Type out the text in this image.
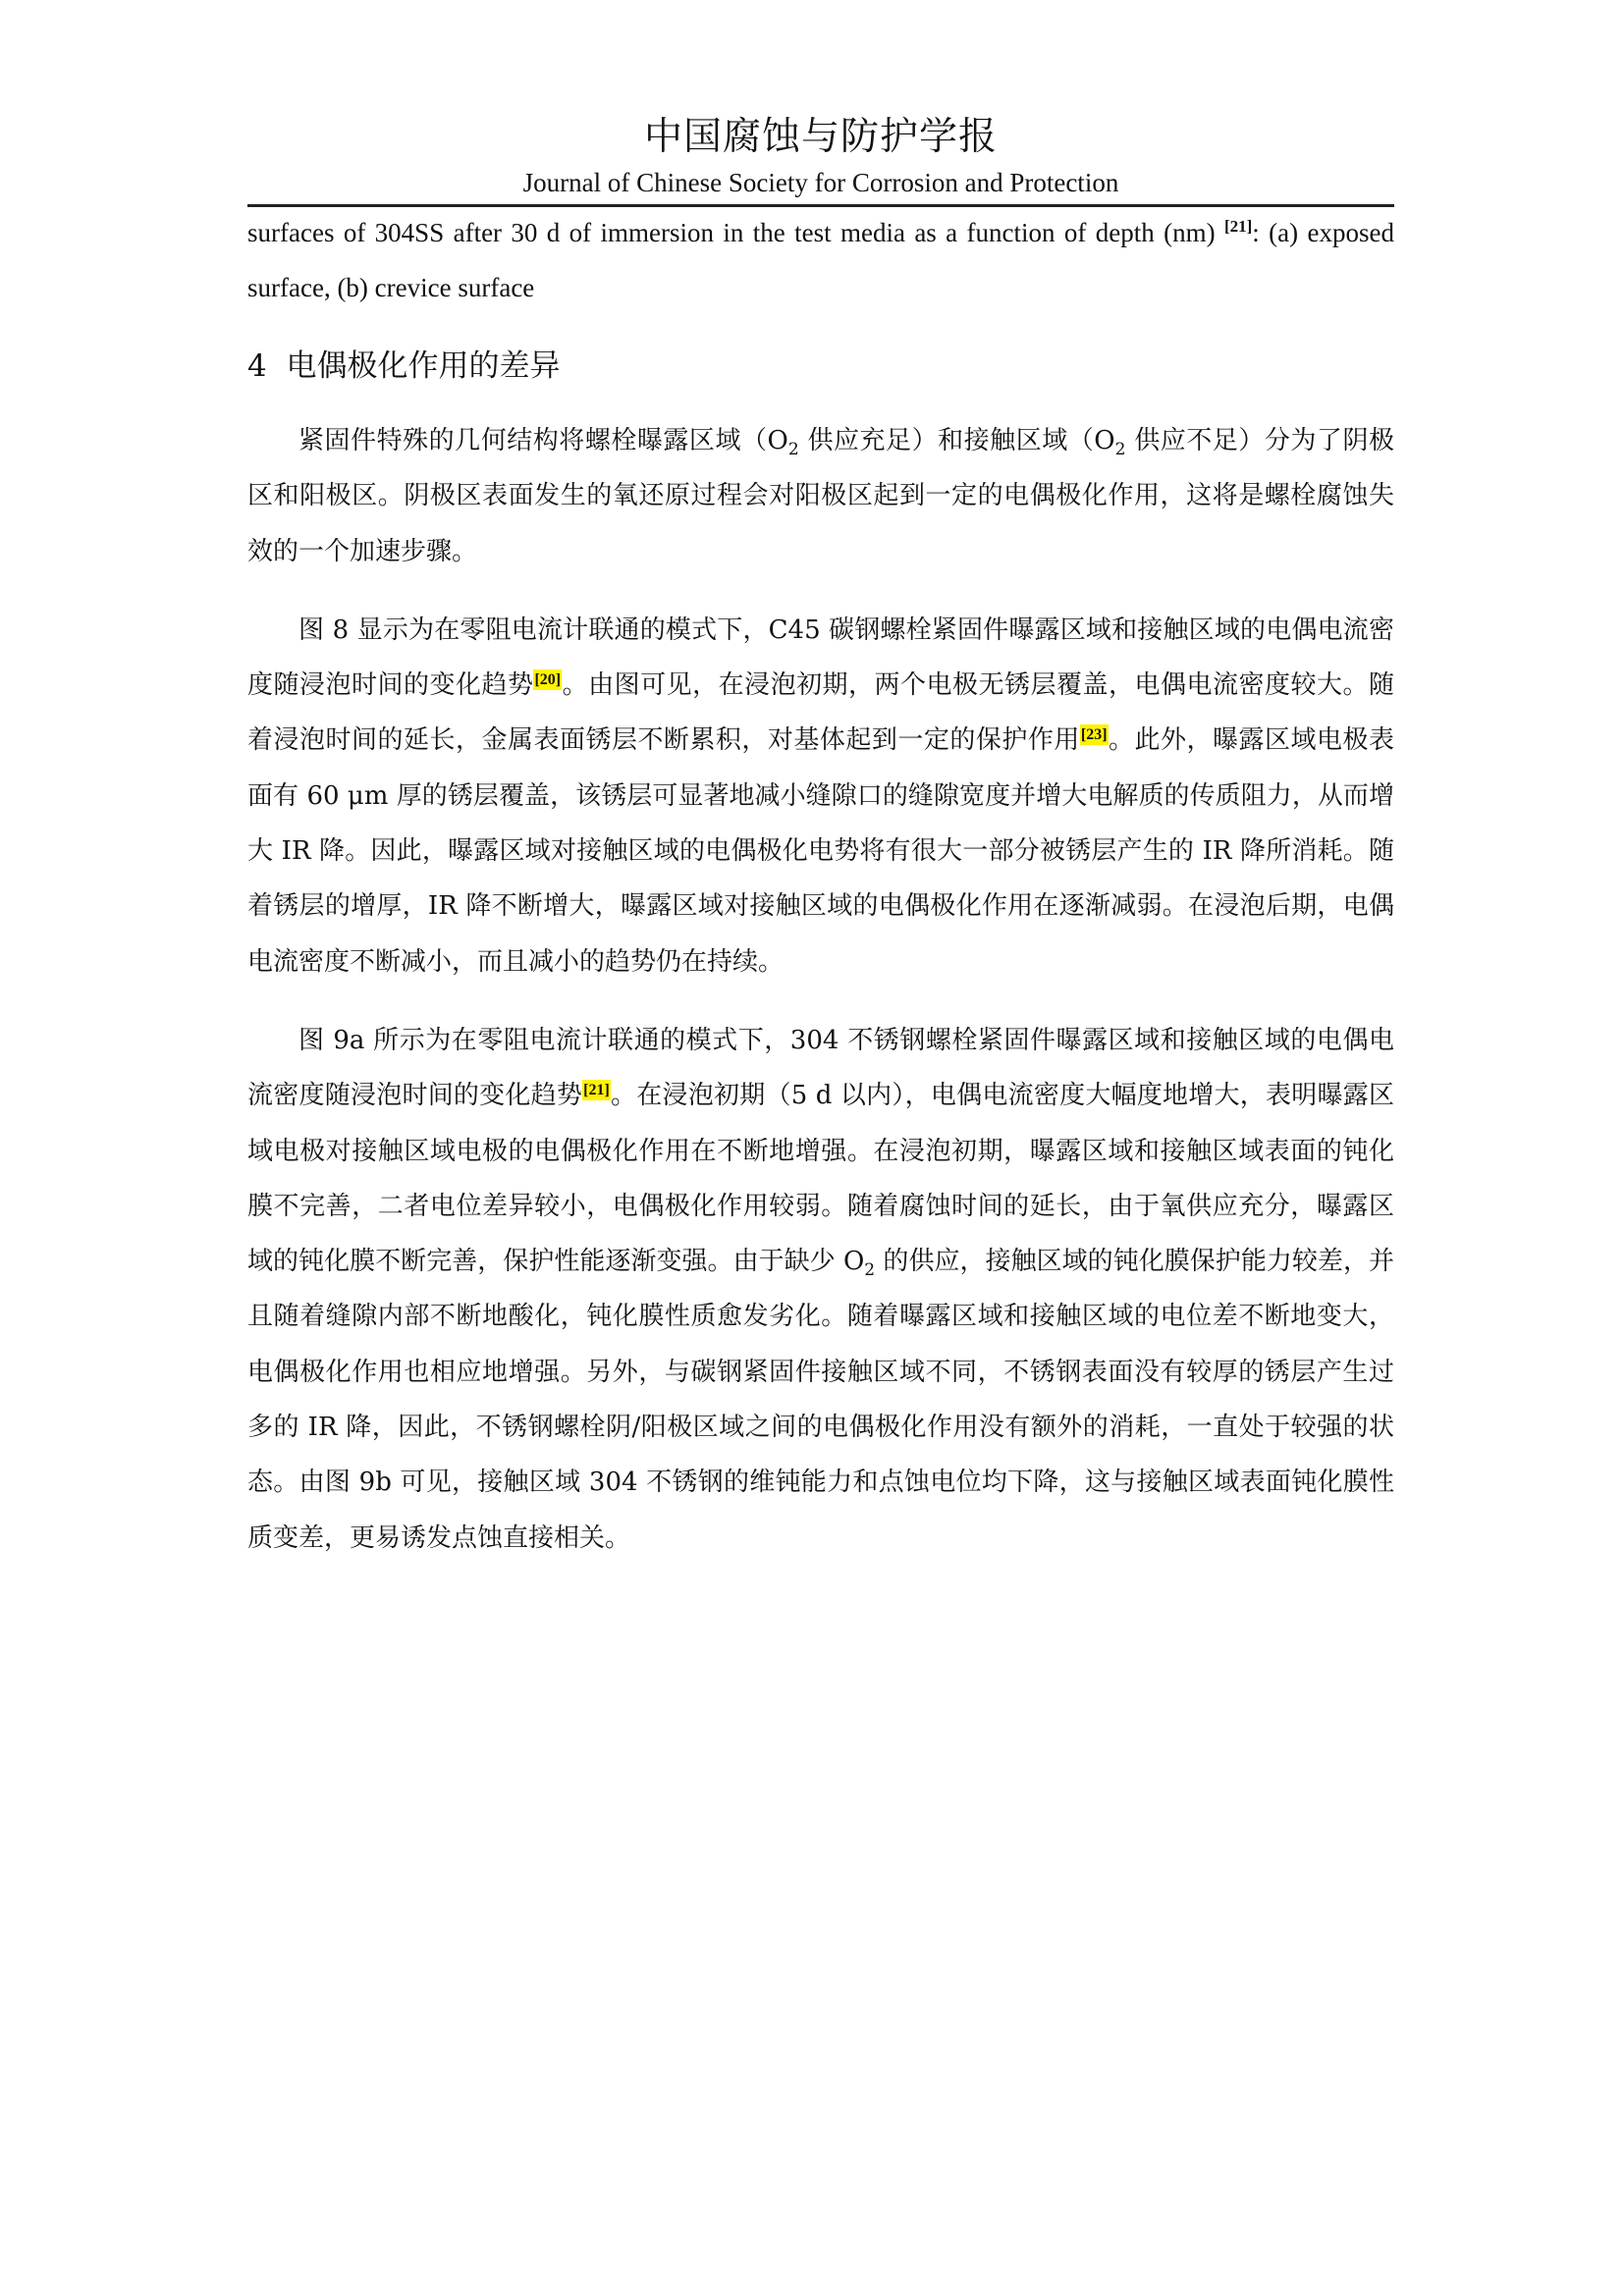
中国腐蚀与防护学报
Journal of Chinese Society for Corrosion and Protection

surfaces of 304SS after 30 d of immersion in the test media as a function of depth (nm) [21]: (a) exposed surface, (b) crevice surface

4 电偶极化作用的差异

紧固件特殊的几何结构将螺栓曝露区域（$O_2$ 供应充足）和接触区域（$O_2$ 供应不足）分为了阴极区和阳极区。阴极区表面发生的氧还原过程会对阳极区起到一定的电偶极化作用，这将是螺栓腐蚀失效的一个加速步骤。

图 8 显示为在零阻电流计联通的模式下，C45 碳钢螺栓紧固件曝露区域和接触区域的电偶电流密度随浸泡时间的变化趋势[20]。由图可见，在浸泡初期，两个电极无锈层覆盖，电偶电流密度较大。随着浸泡时间的延长，金属表面锈层不断累积，对基体起到一定的保护作用[23]。此外，曝露区域电极表面有 60 μm 厚的锈层覆盖，该锈层可显著地减小缝隙口的缝隙宽度并增大电解质的传质阻力，从而增大 IR 降。因此，曝露区域对接触区域的电偶极化电势将有很大一部分被锈层产生的 IR 降所消耗。随着锈层的增厚，IR 降不断增大，曝露区域对接触区域的电偶极化作用在逐渐减弱。在浸泡后期，电偶电流密度不断减小，而且减小的趋势仍在持续。

图 9a 所示为在零阻电流计联通的模式下，304 不锈钢螺栓紧固件曝露区域和接触区域的电偶电流密度随浸泡时间的变化趋势[21]。在浸泡初期（5 d 以内），电偶电流密度大幅度地增大，表明曝露区域电极对接触区域电极的电偶极化作用在不断地增强。在浸泡初期，曝露区域和接触区域表面的钝化膜不完善，二者电位差异较小，电偶极化作用较弱。随着腐蚀时间的延长，由于氧供应充分，曝露区域的钝化膜不断完善，保护性能逐渐变强。由于缺少 $O_2$ 的供应，接触区域的钝化膜保护能力较差，并且随着缝隙内部不断地酸化，钝化膜性质愈发劣化。随着曝露区域和接触区域的电位差不断地变大，电偶极化作用也相应地增强。另外，与碳钢紧固件接触区域不同，不锈钢表面没有较厚的锈层产生过多的 IR 降，因此，不锈钢螺栓阴/阳极区域之间的电偶极化作用没有额外的消耗，一直处于较强的状态。由图 9b 可见，接触区域 304 不锈钢的维钝能力和点蚀电位均下降，这与接触区域表面钝化膜性质变差，更易诱发点蚀直接相关。
